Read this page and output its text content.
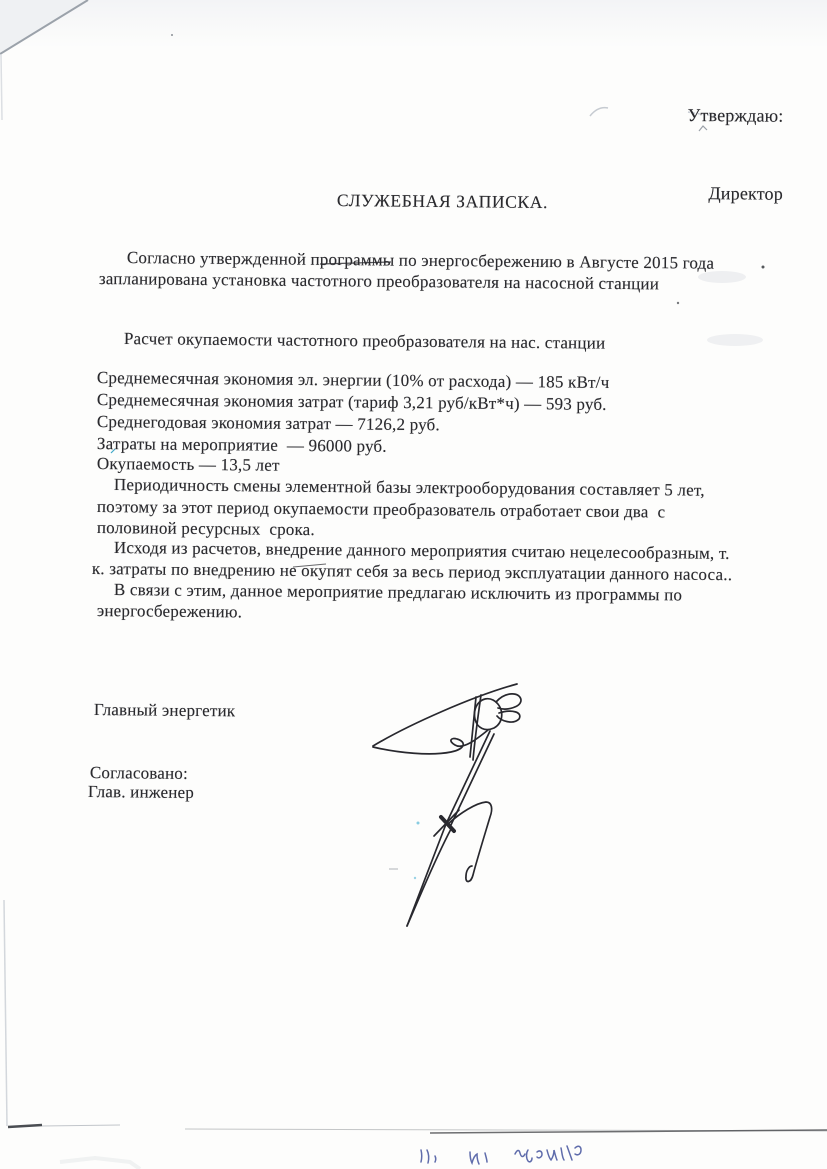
Утверждаю:

Директор

СЛУЖЕБНАЯ ЗАПИСКА.
Согласно утвержденной программы по энергосбережению в Августе 2015 года
запланирована установка частотного преобразователя на насосной станции
Расчет окупаемости частотного преобразователя на нас. станции
Среднемесячная экономия эл. энергии (10% от расхода) — 185 кВт/ч
Среднемесячная экономия затрат (тариф 3,21 руб/кВт*ч) — 593 руб.
Среднегодовая экономия затрат — 7126,2 руб.
Затраты на мероприятие  — 96000 руб.
Окупаемость — 13,5 лет
Периодичность смены элементной базы электрооборудования составляет 5 лет,
поэтому за этот период окупаемости преобразователь отработает свои два  с
половиной ресурсных  срока.
Исходя из расчетов, внедрение данного мероприятия считаю нецелесообразным, т.
к. затраты по внедрению не окупят себя за весь период эксплуатации данного насоса..
В связи с этим, данное мероприятие предлагаю исключить из программы по
энергосбережению.
Главный энергетик
Согласовано:
Глав. инженер
